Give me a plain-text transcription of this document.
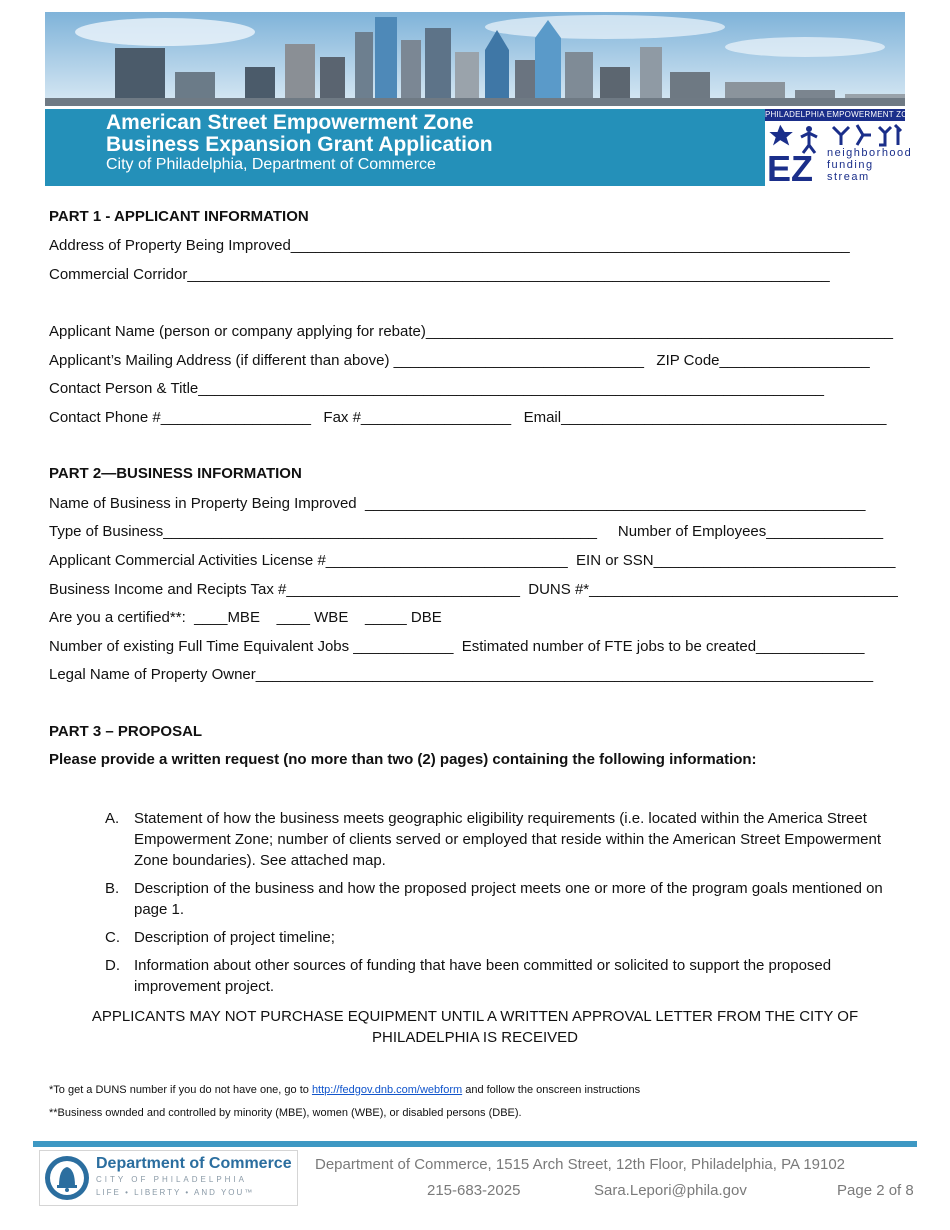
American Street Empowerment Zone
Business Expansion Grant Application
City of Philadelphia, Department of Commerce
PHILADELPHIA EMPOWERMENT ZONE
EZ neighborhood
funding
stream
PART 1 - APPLICANT INFORMATION
Address of Property Being Improved___________________________________________________________________
Commercial Corridor_____________________________________________________________________________
Applicant Name (person or company applying for rebate)________________________________________________________
Applicant’s Mailing Address (if different than above) ______________________________   ZIP Code__________________
Contact Person & Title___________________________________________________________________________
Contact Phone #__________________   Fax #__________________   Email_______________________________________
PART 2—BUSINESS INFORMATION
Name of Business in Property Being Improved  ____________________________________________________________
Type of Business____________________________________________________     Number of Employees______________
Applicant Commercial Activities License #_____________________________  EIN or SSN_____________________________
Business Income and Recipts Tax #____________________________  DUNS #*_____________________________________
Are you a certified**:  ____MBE    ____ WBE    _____ DBE
Number of existing Full Time Equivalent Jobs ____________  Estimated number of FTE jobs to be created_____________
Legal Name of Property Owner__________________________________________________________________________
PART 3 – PROPOSAL
Please provide a written request (no more than two (2) pages) containing the following information:
A. Statement of how the business meets geographic eligibility requirements (i.e. located within the America Street Empowerment Zone; number of clients served or employed that reside within the American Street Empowerment Zone boundaries). See attached map.
B. Description of the business and how the proposed project meets one or more of the program goals mentioned on page 1.
C. Description of project timeline;
D. Information about other sources of funding that have been committed or solicited to support the proposed improvement project.
APPLICANTS MAY NOT PURCHASE EQUIPMENT UNTIL A WRITTEN APPROVAL LETTER FROM THE CITY OF PHILADELPHIA IS RECEIVED
*To get a DUNS number if you do not have one, go to http://fedgov.dnb.com/webform and follow the onscreen instructions
**Business ownded and controlled by minority (MBE), women (WBE), or disabled persons (DBE).
Department of Commerce
CITY OF PHILADELPHIA
LIFE • LIBERTY • AND YOU™
Department of Commerce, 1515 Arch Street, 12th Floor, Philadelphia, PA 19102
215-683-2025	Sara.Lepori@phila.gov	Page 2 of 8
